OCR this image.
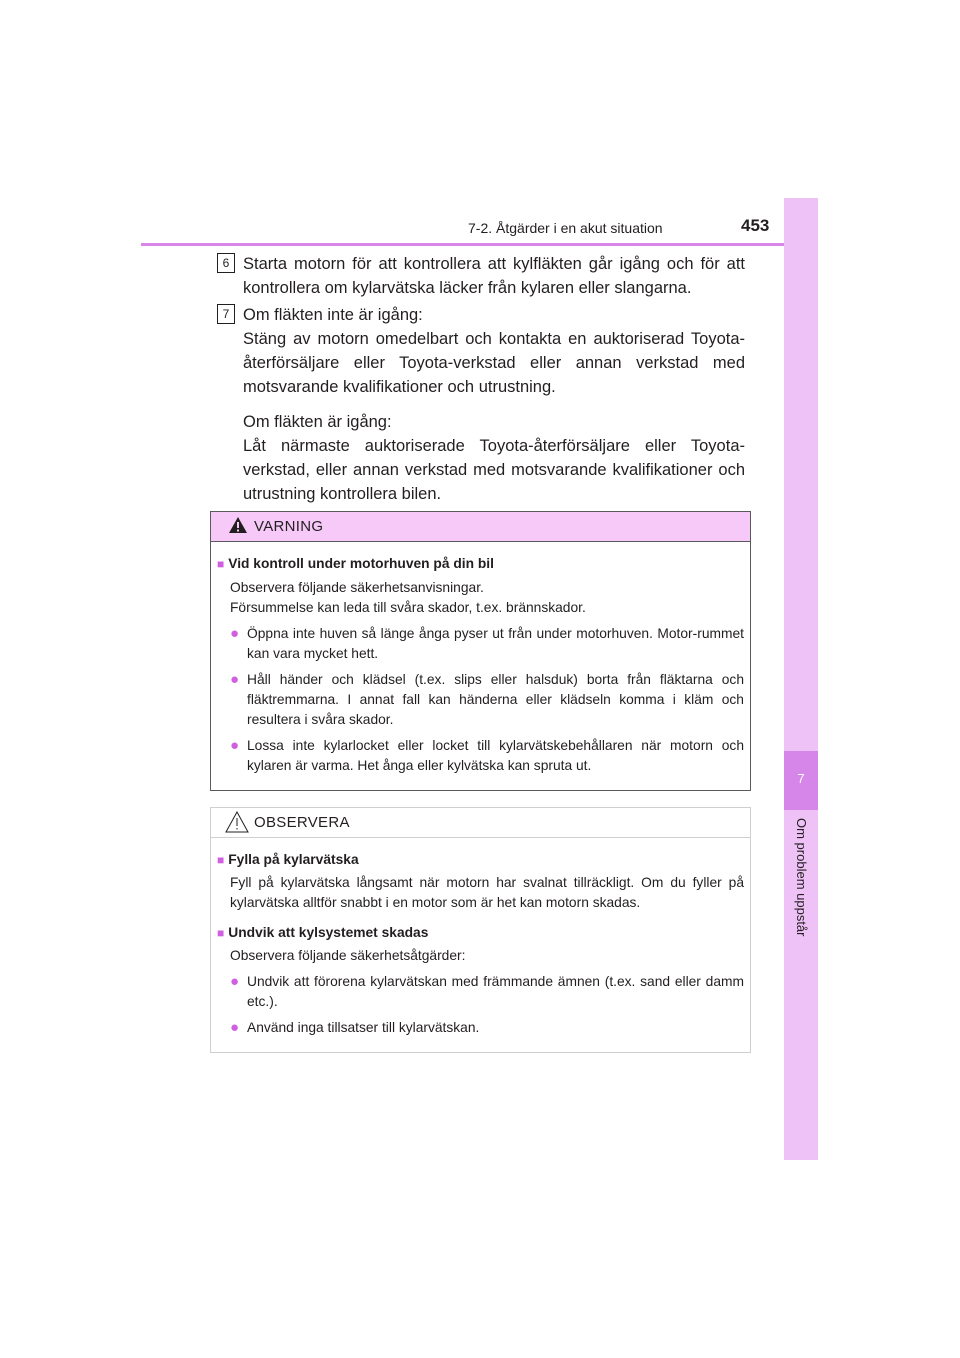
7-2. Åtgärder i en akut situation	453
7
Om problem uppstår
6 Starta motorn för att kontrollera att kylfläkten går igång och för att kontrollera om kylarvätska läcker från kylaren eller slangarna.

7 Om fläkten inte är igång:

Stäng av motorn omedelbart och kontakta en auktoriserad Toyota-återförsäljare eller Toyota-verkstad eller annan verkstad med motsvarande kvalifikationer och utrustning.

Om fläkten är igång:

Låt närmaste auktoriserade Toyota-återförsäljare eller Toyota-verkstad, eller annan verkstad med motsvarande kvalifikationer och utrustning kontrollera bilen.

VARNING

■ Vid kontroll under motorhuven på din bil

Observera följande säkerhetsanvisningar.

Försummelse kan leda till svåra skador, t.ex. brännskador.

● Öppna inte huven så länge ånga pyser ut från under motorhuven. Motor-rummet kan vara mycket hett.

● Håll händer och klädsel (t.ex. slips eller halsduk) borta från fläktarna och fläktremmarna. I annat fall kan händerna eller klädseln komma i kläm och resultera i svåra skador.

● Lossa inte kylarlocket eller locket till kylarvätskebehållaren när motorn och kylaren är varma. Het ånga eller kylvätska kan spruta ut.

OBSERVERA

■ Fylla på kylarvätska

Fyll på kylarvätska långsamt när motorn har svalnat tillräckligt. Om du fyller på kylarvätska alltför snabbt i en motor som är het kan motorn skadas.

■ Undvik att kylsystemet skadas

Observera följande säkerhetsåtgärder:

● Undvik att förorena kylarvätskan med främmande ämnen (t.ex. sand eller damm etc.).

● Använd inga tillsatser till kylarvätskan.
